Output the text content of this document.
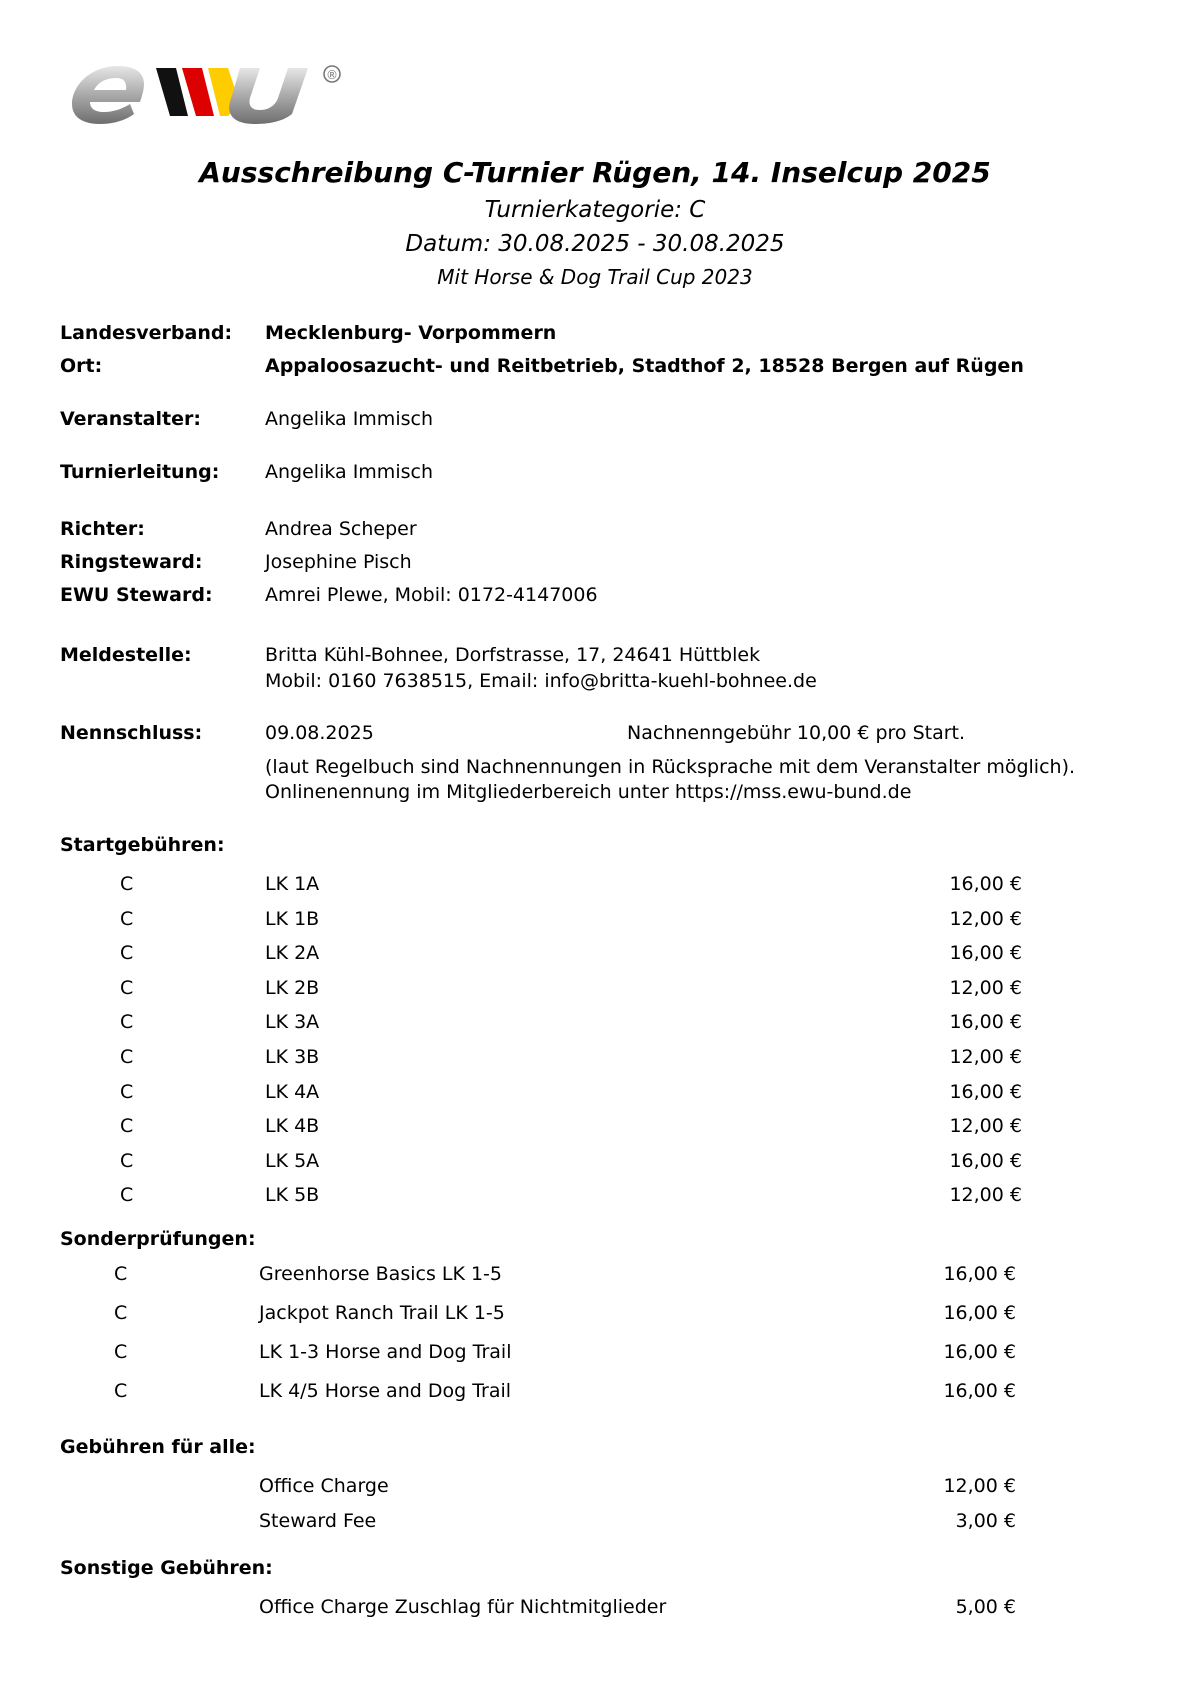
®
Ausschreibung C-Turnier Rügen, 14. Inselcup 2025
Turnierkategorie: C
Datum: 30.08.2025 - 30.08.2025
Mit Horse & Dog Trail Cup 2023
Landesverband: Mecklenburg- Vorpommern
Ort:	Appaloosazucht- und Reitbetrieb, Stadthof 2, 18528 Bergen auf Rügen
Veranstalter:	Angelika Immisch
Turnierleitung: Angelika Immisch
Richter:	Andrea Scheper
Ringsteward:	Josephine Pisch
EWU Steward:	Amrei Plewe, Mobil: 0172-4147006
Meldestelle:	Britta Kühl-Bohnee, Dorfstrasse, 17, 24641 Hüttblek
Mobil: 0160 7638515, Email: info@britta-kuehl-bohnee.de
Nennschluss:	09.08.2025	Nachnenngebühr 10,00 € pro Start.
(laut Regelbuch sind Nachnennungen in Rücksprache mit dem Veranstalter möglich).
Onlinenennung im Mitgliederbereich unter https://mss.ewu-bund.de
Startgebühren:
C	LK 1A	16,00 €
C	LK 1B	12,00 €
C	LK 2A	16,00 €
C	LK 2B	12,00 €
C	LK 3A	16,00 €
C	LK 3B	12,00 €
C	LK 4A	16,00 €
C	LK 4B	12,00 €
C	LK 5A	16,00 €
C	LK 5B	12,00 €
Sonderprüfungen:
C	Greenhorse Basics LK 1-5	16,00 €
C	Jackpot Ranch Trail LK 1-5	16,00 €
C	LK 1-3 Horse and Dog Trail	16,00 €
C	LK 4/5 Horse and Dog Trail	16,00 €
Gebühren für alle:
Office Charge	12,00 €
Steward Fee	3,00 €
Sonstige Gebühren:
Office Charge Zuschlag für Nichtmitglieder	5,00 €
